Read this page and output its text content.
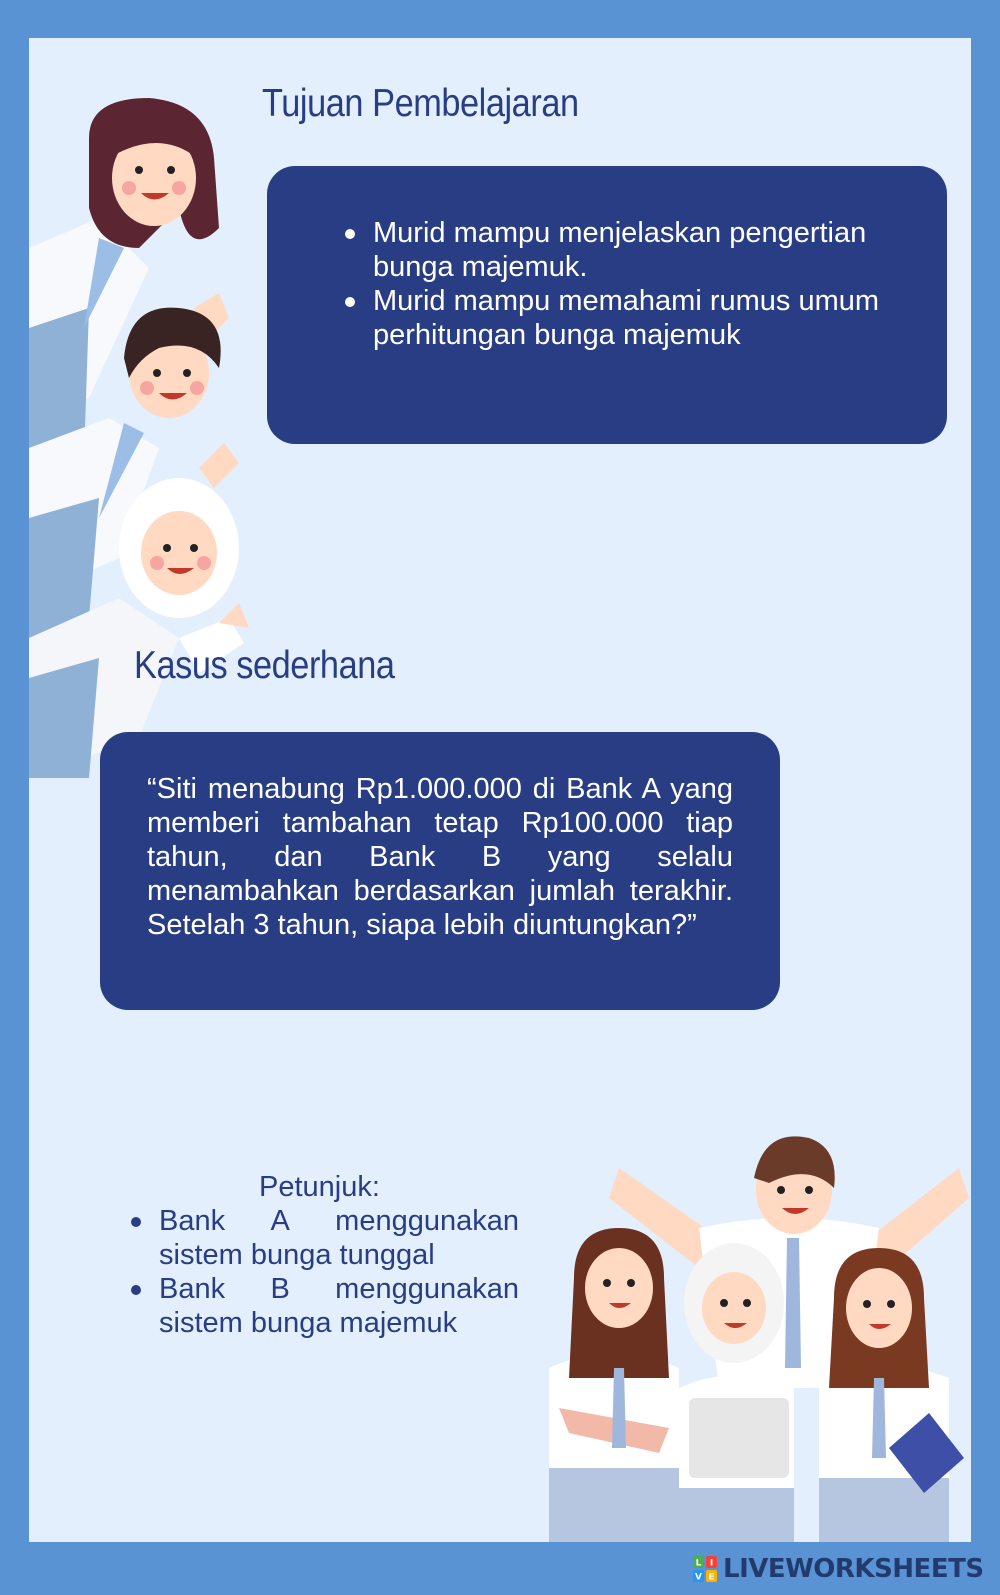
Tujuan Pembelajaran
Murid mampu menjelaskan pengertian bunga majemuk.
Murid mampu memahami rumus umum perhitungan bunga majemuk
Kasus sederhana

“Siti menabung Rp1.000.000 di Bank A yang memberi tambahan tetap Rp100.000 tiap tahun, dan Bank B yang selalu menambahkan berdasarkan jumlah terakhir. Setelah 3 tahun, siapa lebih diuntungkan?”

Petunjuk:
Bank A menggunakan sistem bunga tunggal
Bank B menggunakan sistem bunga majemuk
L I
V E LIVEWORKSHEETS
